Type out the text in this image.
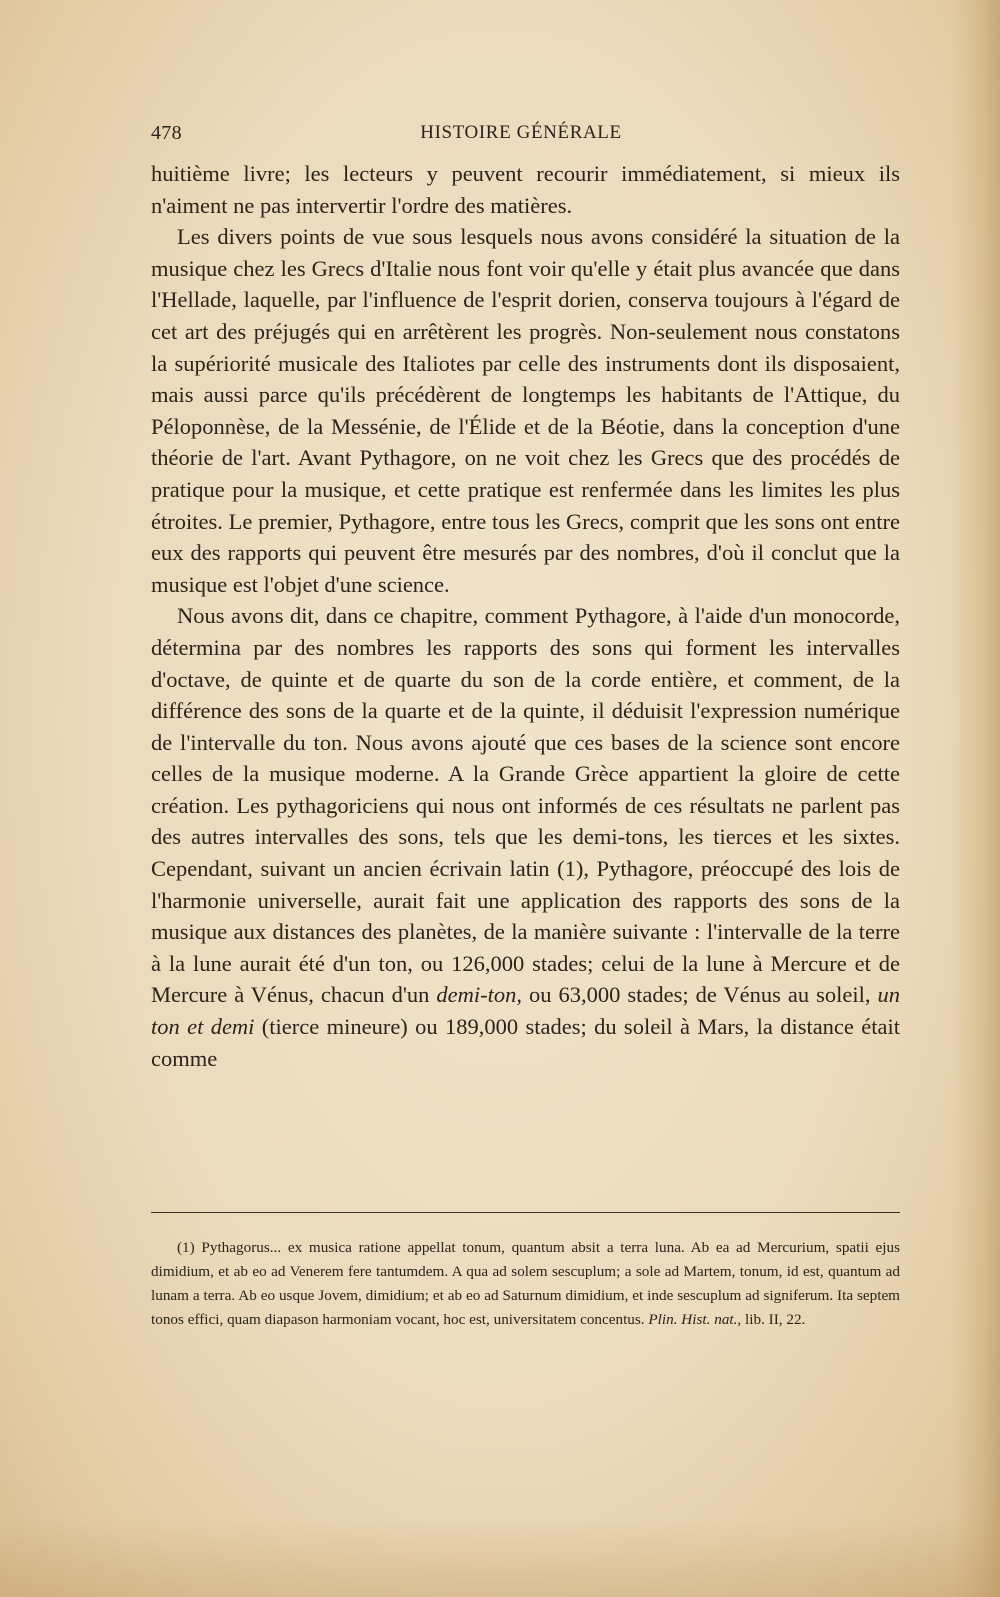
478	HISTOIRE GÉNÉRALE

huitième livre; les lecteurs y peuvent recourir immédiatement, si mieux ils n'aiment ne pas intervertir l'ordre des matières.

Les divers points de vue sous lesquels nous avons considéré la situation de la musique chez les Grecs d'Italie nous font voir qu'elle y était plus avancée que dans l'Hellade, laquelle, par l'influence de l'esprit dorien, conserva toujours à l'égard de cet art des préjugés qui en arrêtèrent les progrès. Non-seulement nous constatons la supériorité musicale des Italiotes par celle des instruments dont ils disposaient, mais aussi parce qu'ils précédèrent de longtemps les habitants de l'Attique, du Péloponnèse, de la Messénie, de l'Élide et de la Béotie, dans la conception d'une théorie de l'art. Avant Pythagore, on ne voit chez les Grecs que des procédés de pratique pour la musique, et cette pratique est renfermée dans les limites les plus étroites. Le premier, Pythagore, entre tous les Grecs, comprit que les sons ont entre eux des rapports qui peuvent être mesurés par des nombres, d'où il conclut que la musique est l'objet d'une science.

Nous avons dit, dans ce chapitre, comment Pythagore, à l'aide d'un monocorde, détermina par des nombres les rapports des sons qui forment les intervalles d'octave, de quinte et de quarte du son de la corde entière, et comment, de la différence des sons de la quarte et de la quinte, il déduisit l'expression numérique de l'intervalle du ton. Nous avons ajouté que ces bases de la science sont encore celles de la musique moderne. A la Grande Grèce appartient la gloire de cette création. Les pythagoriciens qui nous ont informés de ces résultats ne parlent pas des autres intervalles des sons, tels que les demi-tons, les tierces et les sixtes. Cependant, suivant un ancien écrivain latin (1), Pythagore, préoccupé des lois de l'harmonie universelle, aurait fait une application des rapports des sons de la musique aux distances des planètes, de la manière suivante : l'intervalle de la terre à la lune aurait été d'un ton, ou 126,000 stades; celui de la lune à Mercure et de Mercure à Vénus, chacun d'un demi-ton, ou 63,000 stades; de Vénus au soleil, un ton et demi (tierce mineure) ou 189,000 stades; du soleil à Mars, la distance était comme

(1) Pythagorus... ex musica ratione appellat tonum, quantum absit a terra luna. Ab ea ad Mercurium, spatii ejus dimidium, et ab eo ad Venerem fere tantumdem. A qua ad solem sescuplum; a sole ad Martem, tonum, id est, quantum ad lunam a terra. Ab eo usque Jovem, dimidium; et ab eo ad Saturnum dimidium, et inde sescuplum ad signiferum. Ita septem tonos effici, quam diapason harmoniam vocant, hoc est, universitatem concentus. Plin. Hist. nat., lib. II, 22.
